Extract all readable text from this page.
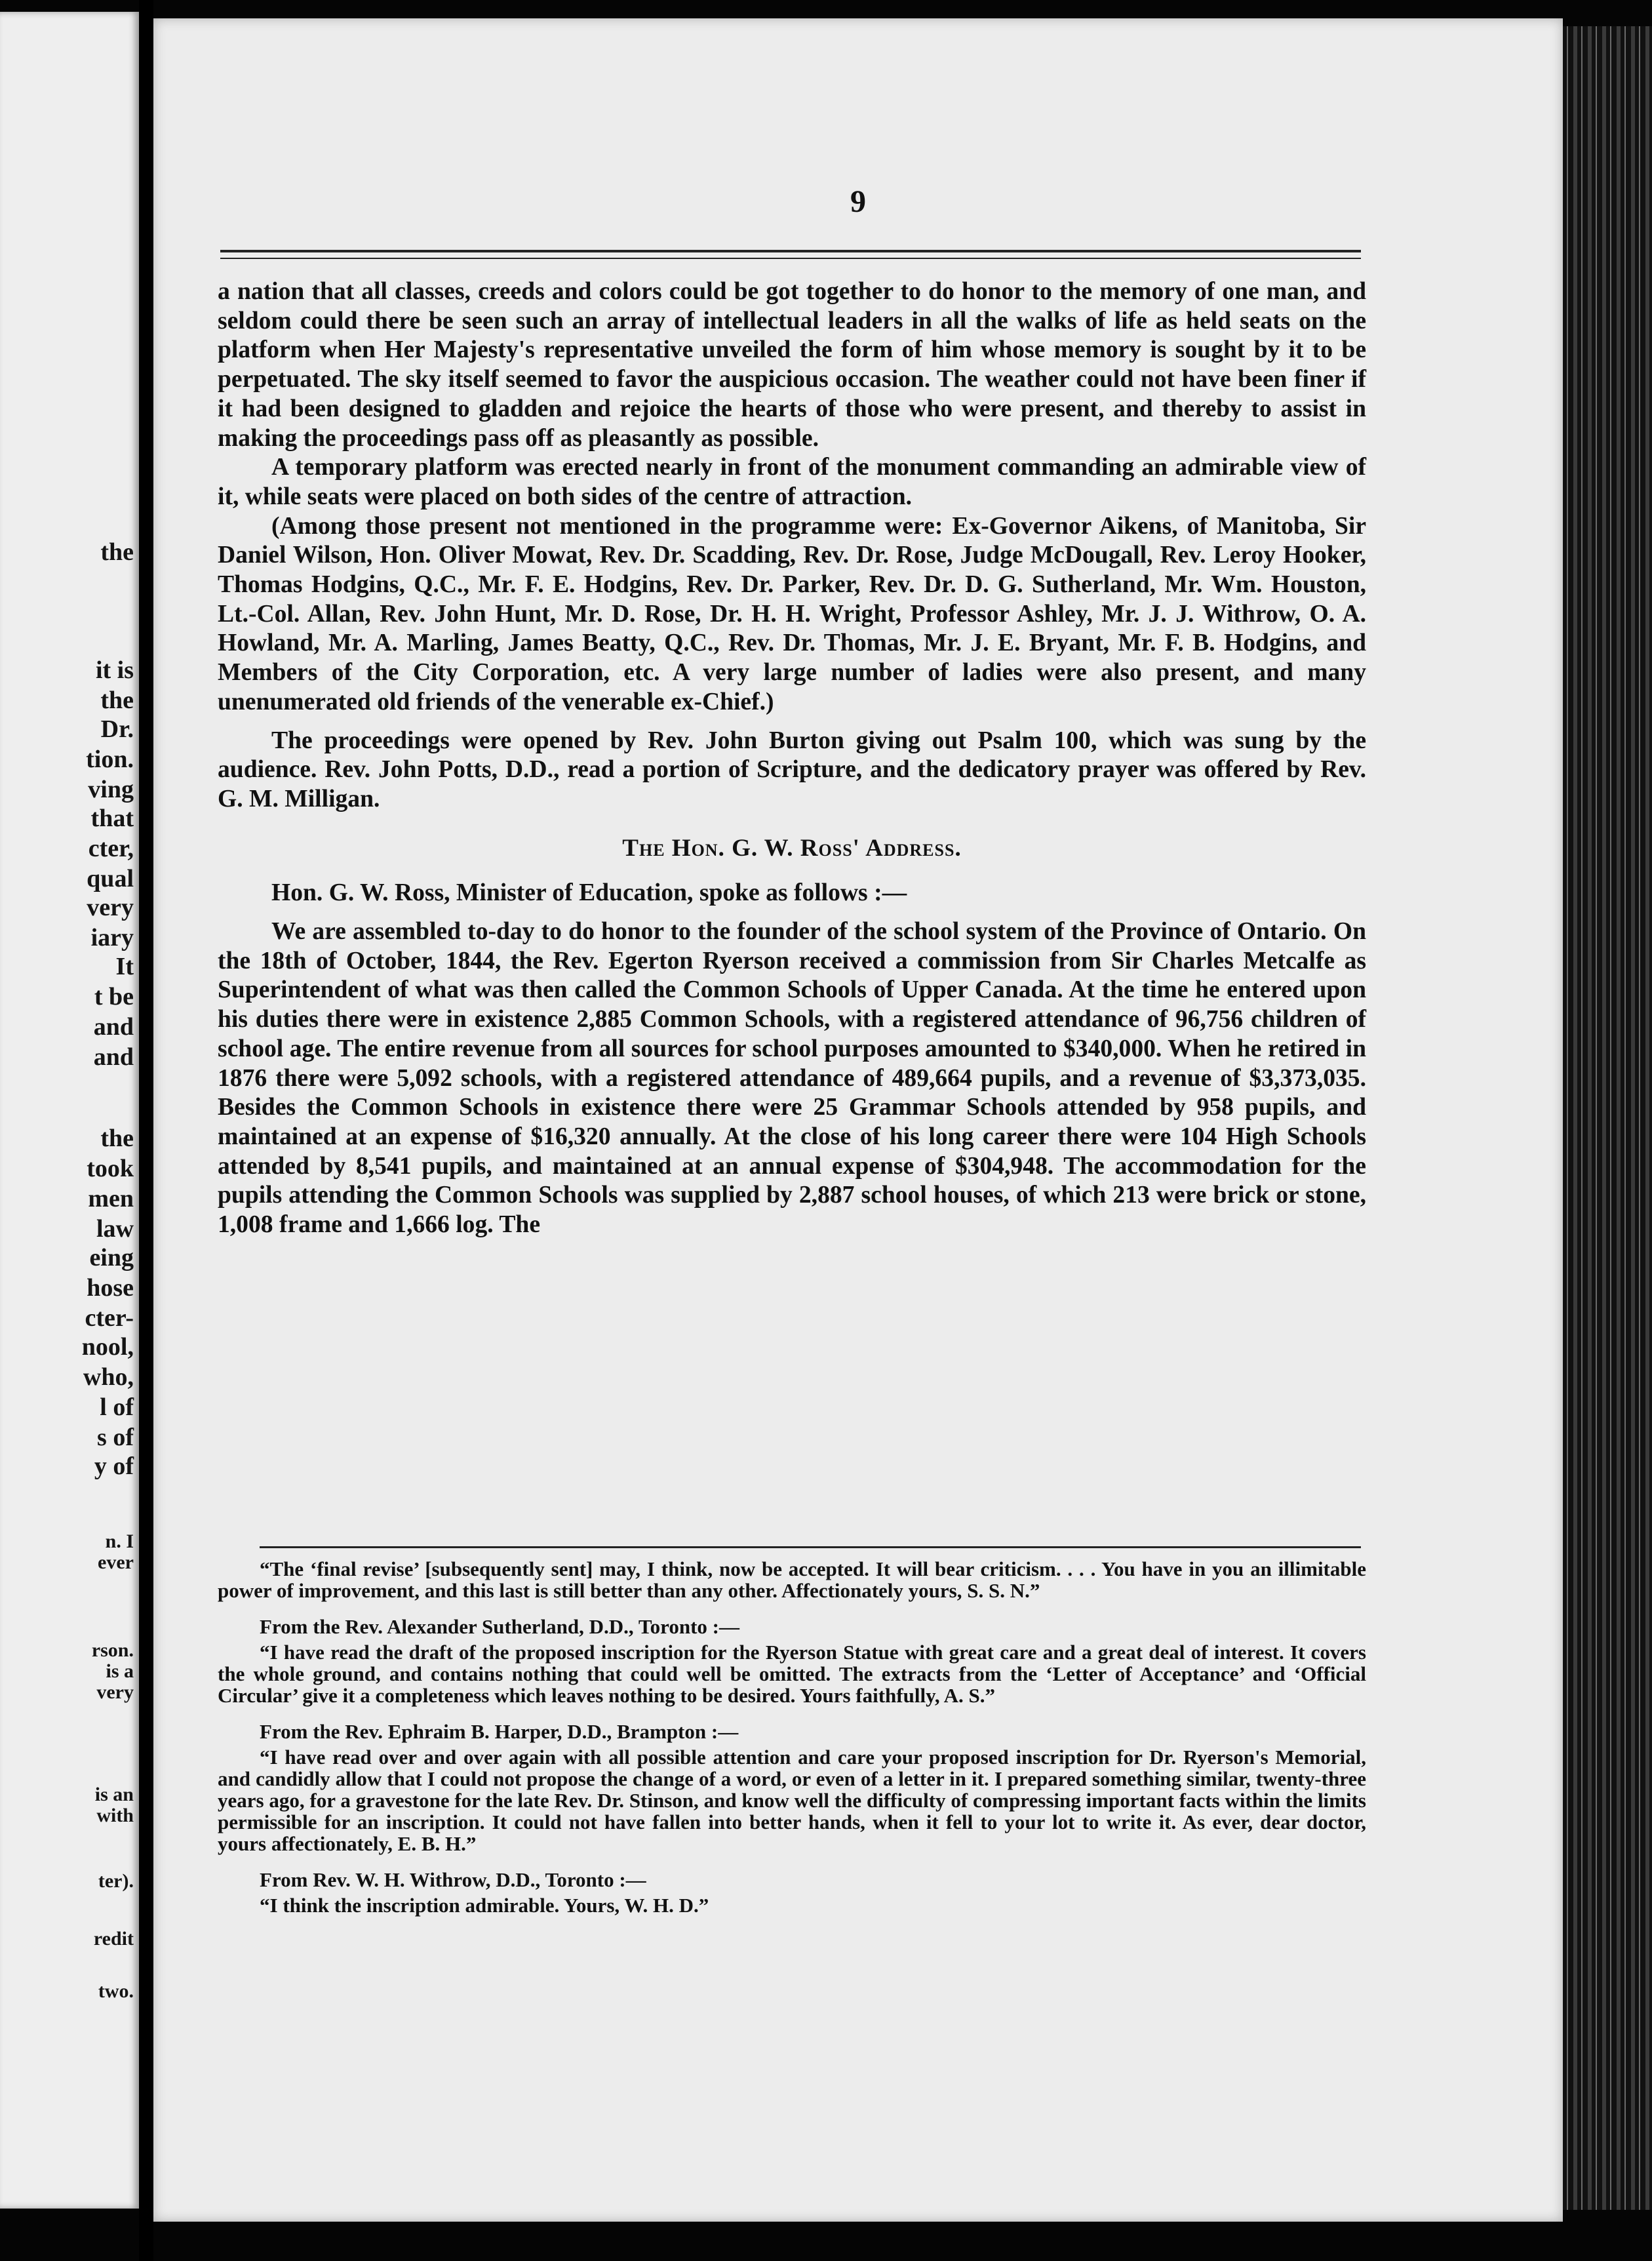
the
it is
the
Dr.
tion.
ving
that
cter,
qual
very
iary
It
t be
and
and
the
took
men
law
eing
hose
cter-
nool,
who,
l of
s of
y of
n. I
ever
rson.
is a
very
is an
with
ter).
redit
two.
9

a nation that all classes, creeds and colors could be got together to do honor to the memory of one man, and seldom could there be seen such an array of intellectual leaders in all the walks of life as held seats on the platform when Her Majesty's representative unveiled the form of him whose memory is sought by it to be perpetuated. The sky itself seemed to favor the auspicious occasion. The weather could not have been finer if it had been designed to gladden and rejoice the hearts of those who were present, and thereby to assist in making the proceedings pass off as pleasantly as possible.

A temporary platform was erected nearly in front of the monument commanding an admirable view of it, while seats were placed on both sides of the centre of attraction.

(Among those present not mentioned in the programme were: Ex-Governor Aikens, of Manitoba, Sir Daniel Wilson, Hon. Oliver Mowat, Rev. Dr. Scadding, Rev. Dr. Rose, Judge McDougall, Rev. Leroy Hooker, Thomas Hodgins, Q.C., Mr. F. E. Hodgins, Rev. Dr. Parker, Rev. Dr. D. G. Sutherland, Mr. Wm. Houston, Lt.-Col. Allan, Rev. John Hunt, Mr. D. Rose, Dr. H. H. Wright, Professor Ashley, Mr. J. J. Withrow, O. A. Howland, Mr. A. Marling, James Beatty, Q.C., Rev. Dr. Thomas, Mr. J. E. Bryant, Mr. F. B. Hodgins, and Members of the City Corporation, etc. A very large number of ladies were also present, and many unenumerated old friends of the venerable ex-Chief.)

The proceedings were opened by Rev. John Burton giving out Psalm 100, which was sung by the audience. Rev. John Potts, D.D., read a portion of Scripture, and the dedicatory prayer was offered by Rev. G. M. Milligan.

The Hon. G. W. Ross' Address.

Hon. G. W. Ross, Minister of Education, spoke as follows :—

We are assembled to-day to do honor to the founder of the school system of the Province of Ontario. On the 18th of October, 1844, the Rev. Egerton Ryerson received a commission from Sir Charles Metcalfe as Superintendent of what was then called the Common Schools of Upper Canada. At the time he entered upon his duties there were in existence 2,885 Common Schools, with a registered attendance of 96,756 children of school age. The entire revenue from all sources for school purposes amounted to $340,000. When he retired in 1876 there were 5,092 schools, with a registered attendance of 489,664 pupils, and a revenue of $3,373,035. Besides the Common Schools in existence there were 25 Grammar Schools attended by 958 pupils, and maintained at an expense of $16,320 annually. At the close of his long career there were 104 High Schools attended by 8,541 pupils, and maintained at an annual expense of $304,948. The accommodation for the pupils attending the Common Schools was supplied by 2,887 school houses, of which 213 were brick or stone, 1,008 frame and 1,666 log. The

“The ‘final revise’ [subsequently sent] may, I think, now be accepted. It will bear criticism. . . . You have in you an illimitable power of improvement, and this last is still better than any other. Affectionately yours, S. S. N.”

From the Rev. Alexander Sutherland, D.D., Toronto :—

“I have read the draft of the proposed inscription for the Ryerson Statue with great care and a great deal of interest. It covers the whole ground, and contains nothing that could well be omitted. The extracts from the ‘Letter of Acceptance’ and ‘Official Circular’ give it a completeness which leaves nothing to be desired. Yours faithfully, A. S.”

From the Rev. Ephraim B. Harper, D.D., Brampton :—

“I have read over and over again with all possible attention and care your proposed inscription for Dr. Ryerson's Memorial, and candidly allow that I could not propose the change of a word, or even of a letter in it. I prepared something similar, twenty-three years ago, for a gravestone for the late Rev. Dr. Stinson, and know well the difficulty of compressing important facts within the limits permissible for an inscription. It could not have fallen into better hands, when it fell to your lot to write it. As ever, dear doctor, yours affectionately, E. B. H.”

From Rev. W. H. Withrow, D.D., Toronto :—

“I think the inscription admirable. Yours, W. H. D.”
